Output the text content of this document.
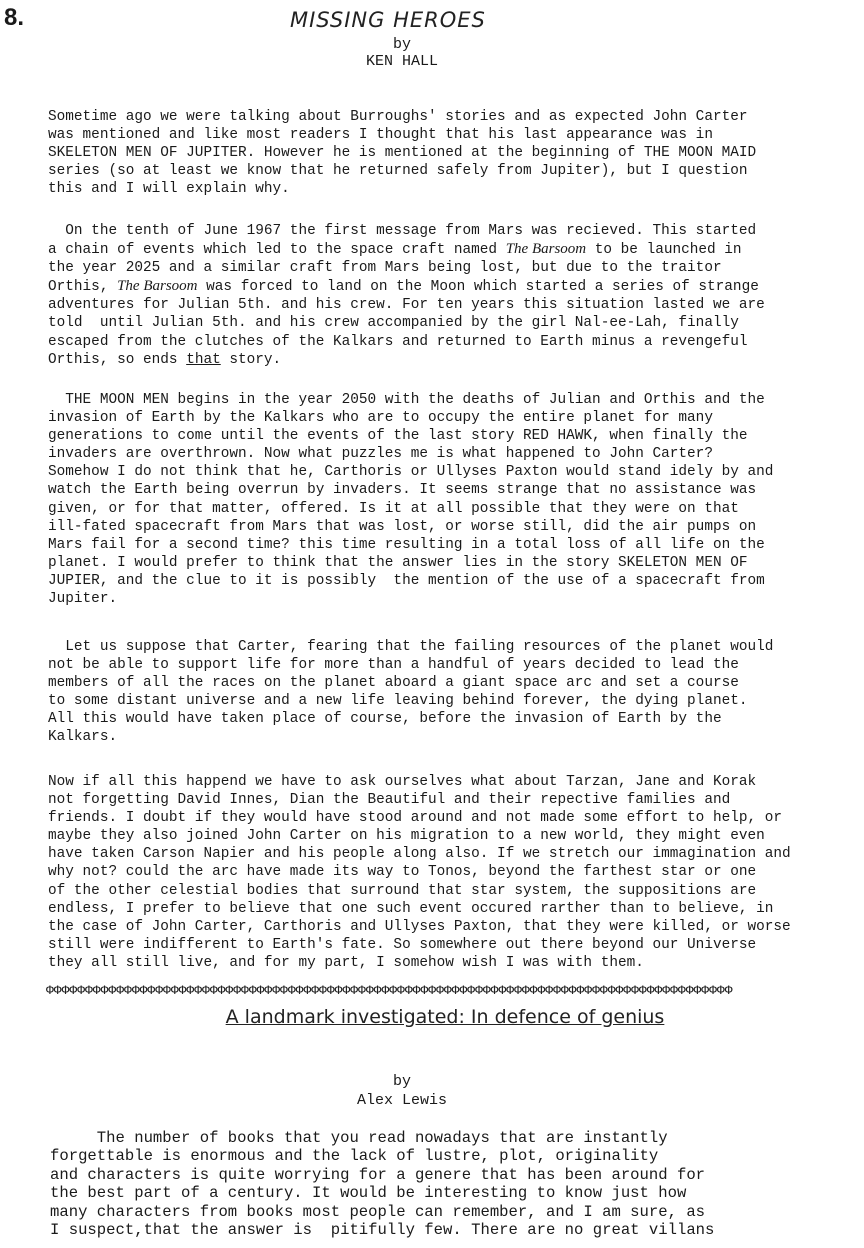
8.	MISSING HEROES
by
KEN HALL
Sometime ago we were talking about Burroughs' stories and as expected John Carter
was mentioned and like most readers I thought that his last appearance was in
SKELETON MEN OF JUPITER. However he is mentioned at the beginning of THE MOON MAID
series (so at least we know that he returned safely from Jupiter), but I question
this and I will explain why.
On the tenth of June 1967 the first message from Mars was recieved. This started
a chain of events which led to the space craft named The Barsoom to be launched in
the year 2025 and a similar craft from Mars being lost, but due to the traitor
Orthis, The Barsoom was forced to land on the Moon which started a series of strange
adventures for Julian 5th. and his crew. For ten years this situation lasted we are
told  until Julian 5th. and his crew accompanied by the girl Nal-ee-Lah, finally
escaped from the clutches of the Kalkars and returned to Earth minus a revengeful
Orthis, so ends that story.
THE MOON MEN begins in the year 2050 with the deaths of Julian and Orthis and the
invasion of Earth by the Kalkars who are to occupy the entire planet for many
generations to come until the events of the last story RED HAWK, when finally the
invaders are overthrown. Now what puzzles me is what happened to John Carter?
Somehow I do not think that he, Carthoris or Ullyses Paxton would stand idely by and
watch the Earth being overrun by invaders. It seems strange that no assistance was
given, or for that matter, offered. Is it at all possible that they were on that
ill-fated spacecraft from Mars that was lost, or worse still, did the air pumps on
Mars fail for a second time? this time resulting in a total loss of all life on the
planet. I would prefer to think that the answer lies in the story SKELETON MEN OF
JUPIER, and the clue to it is possibly  the mention of the use of a spacecraft from
Jupiter.
Let us suppose that Carter, fearing that the failing resources of the planet would
not be able to support life for more than a handful of years decided to lead the
members of all the races on the planet aboard a giant space arc and set a course
to some distant universe and a new life leaving behind forever, the dying planet.
All this would have taken place of course, before the invasion of Earth by the
Kalkars.
Now if all this happend we have to ask ourselves what about Tarzan, Jane and Korak
not forgetting David Innes, Dian the Beautiful and their repective families and
friends. I doubt if they would have stood around and not made some effort to help, or
maybe they also joined John Carter on his migration to a new world, they might even
have taken Carson Napier and his people along also. If we stretch our immagination and
why not? could the arc have made its way to Tonos, beyond the farthest star or one
of the other celestial bodies that surround that star system, the suppositions are
endless, I prefer to believe that one such event occured rarther than to believe, in
the case of John Carter, Carthoris and Ullyses Paxton, that they were killed, or worse
still were indifferent to Earth's fate. So somewhere out there beyond our Universe
they all still live, and for my part, I somehow wish I was with them.
ΦΦΦΦΦΦΦΦΦΦΦΦΦΦΦΦΦΦΦΦΦΦΦΦΦΦΦΦΦΦΦΦΦΦΦΦΦΦΦΦΦΦΦΦΦΦΦΦΦΦΦΦΦΦΦΦΦΦΦΦΦΦΦΦΦΦΦΦΦΦΦΦΦΦΦΦΦΦΦΦΦΦΦΦΦΦΦΦ
A landmark investigated: In defence of genius
by
Alex Lewis
The number of books that you read nowadays that are instantly
forgettable is enormous and the lack of lustre, plot, originality
and characters is quite worrying for a genere that has been around for
the best part of a century. It would be interesting to know just how
many characters from books most people can remember, and I am sure, as
I suspect,that the answer is  pitifully few. There are no great villans
